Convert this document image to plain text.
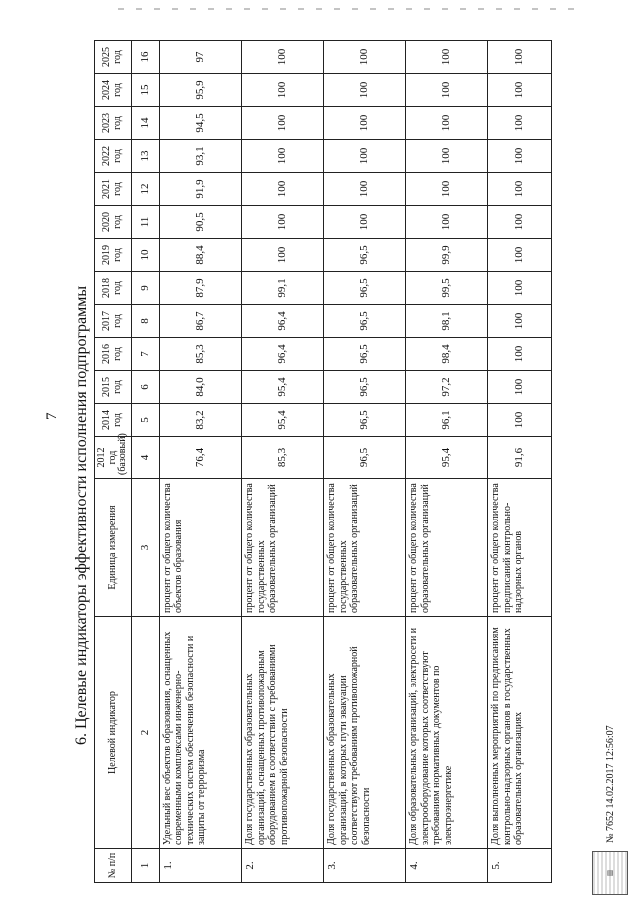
7 6. Целевые индикаторы эффективности исполнения подпрограммы
▥
№ 7652 14.02.2017 12:56:07
№ п/п	Целевой индикатор	Единица измерения	2012 год (базовый)	2014 год	2015 год	2016 год	2017 год	2018 год	2019 год	2020 год	2021 год	2022 год	2023 год	2024 год	2025 год
1	2	3	4	5	6	7	8	9	10	11	12	13	14	15	16
1.	Удельный вес объектов образования, оснащенных современными комплексами инженерно-технических систем обеспечения безопасности и защиты от терроризма	процент от общего количества объектов образования	76,4	83,2	84,0	85,3	86,7	87,9	88,4	90,5	91,9	93,1	94,5	95,9	97
2.	Доля государственных образовательных организаций, оснащенных противопожарным оборудованием в соответствии с требованиями противопожарной безопасности	процент от общего количества государственных образовательных организаций	85,3	95,4	95,4	96,4	96,4	99,1	100	100	100	100	100	100	100
3.	Доля государственных образовательных организаций, в которых пути эвакуации соответствуют требованиям противопожарной безопасности	процент от общего количества государственных образовательных организаций	96,5	96,5	96,5	96,5	96,5	96,5	96,5	100	100	100	100	100	100
4.	Доля образовательных организаций, электросети и электрооборудование которых соответствуют требованиям нормативных документов по электроэнергетике	процент от общего количества образовательных организаций	95,4	96,1	97,2	98,4	98,1	99,5	99,9	100	100	100	100	100	100
5.	Доля выполненных мероприятий по предписаниям контрольно-надзорных органов в государственных образовательных организациях	процент от общего количества предписаний контрольно-надзорных органов	91,6	100	100	100	100	100	100	100	100	100	100	100	100
